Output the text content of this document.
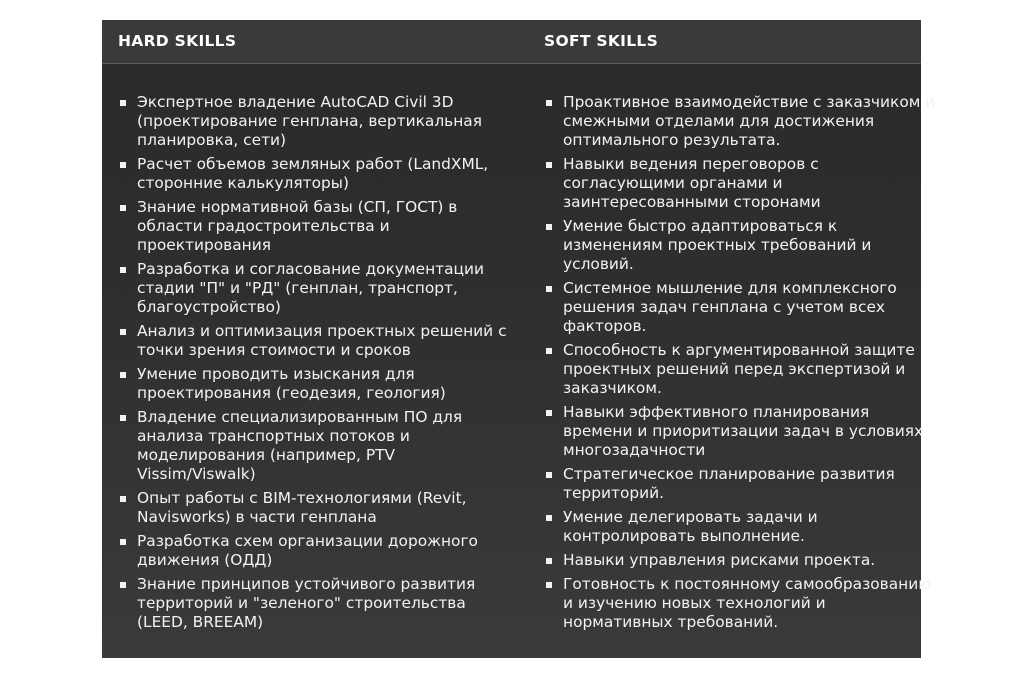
HARD SKILLS	SOFT SKILLS
Экспертное владение AutoCAD Civil 3D (проектирование генплана, вертикальная планировка, сети)
Расчет объемов земляных работ (LandXML, сторонние калькуляторы)
Знание нормативной базы (СП, ГОСТ) в области градостроительства и проектирования
Разработка и согласование документации стадии "П" и "РД" (генплан, транспорт, благоустройство)
Анализ и оптимизация проектных решений с точки зрения стоимости и сроков
Умение проводить изыскания для проектирования (геодезия, геология)
Владение специализированным ПО для анализа транспортных потоков и моделирования (например, PTV Vissim/Viswalk)
Опыт работы с BIM-технологиями (Revit, Navisworks) в части генплана
Разработка схем организации дорожного движения (ОДД)
Знание принципов устойчивого развития территорий и "зеленого" строительства (LEED, BREEAM)
Проактивное взаимодействие с заказчиком и смежными отделами для достижения оптимального результата.
Навыки ведения переговоров с согласующими органами и заинтересованными сторонами
Умение быстро адаптироваться к изменениям проектных требований и условий.
Системное мышление для комплексного решения задач генплана с учетом всех факторов.
Способность к аргументированной защите проектных решений перед экспертизой и заказчиком.
Навыки эффективного планирования времени и приоритизации задач в условиях многозадачности
Стратегическое планирование развития территорий.
Умение делегировать задачи и контролировать выполнение.
Навыки управления рисками проекта.
Готовность к постоянному самообразованию и изучению новых технологий и нормативных требований.
